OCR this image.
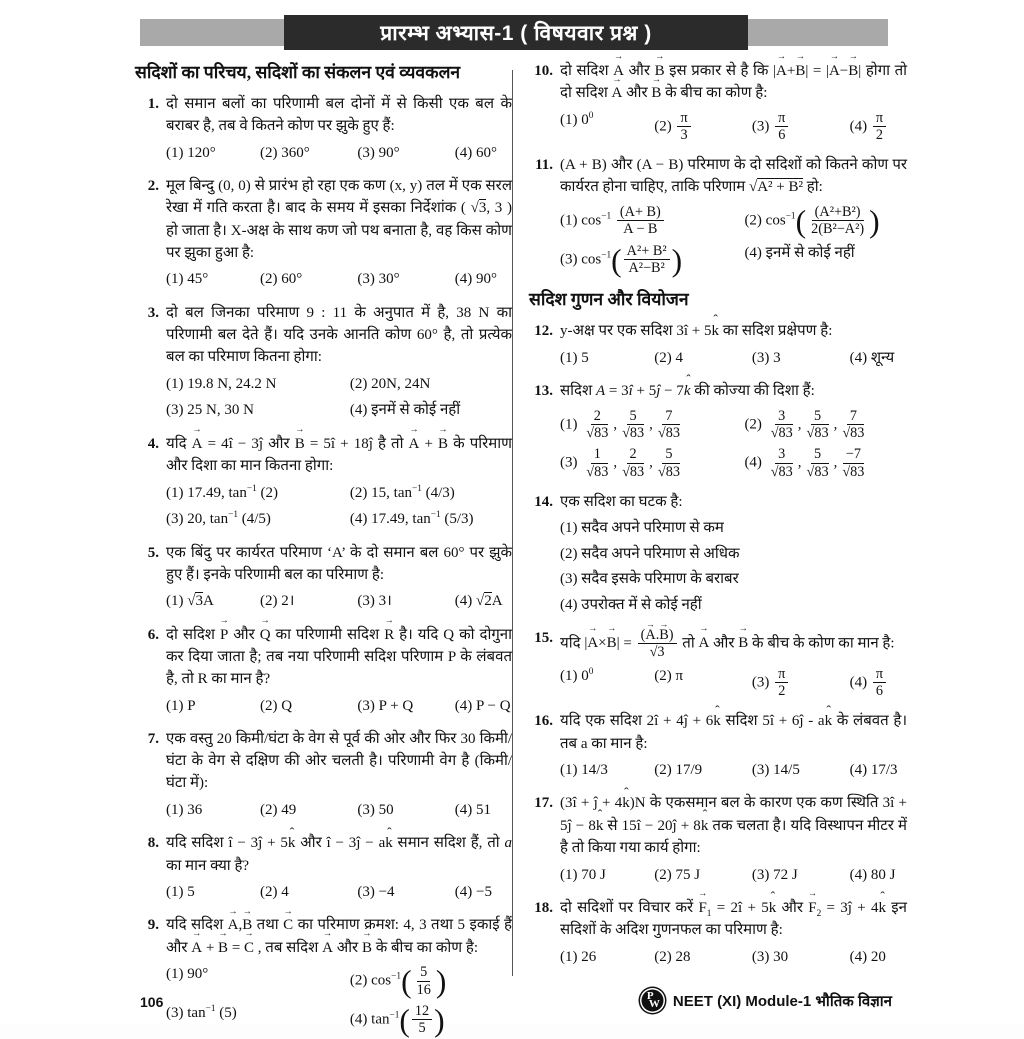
प्रारम्भ अभ्यास-1 ( विषयवार प्रश्न )
सदिशों का परिचय, सदिशों का संकलन एवं व्यवकलन
1. दो समान बलों का परिणामी बल दोनों में से किसी एक बल के बराबर है, तब वे कितने कोण पर झुके हुए हैं:
(1) 120°	(2) 360°	(3) 90°	(4) 60°
2. मूल बिन्दु (0, 0) से प्रारंभ हो रहा एक कण (x, y) तल में एक सरल रेखा में गति करता है। बाद के समय में इसका निर्देशांक ( √3, 3 ) हो जाता है। X-अक्ष के साथ कण जो पथ बनाता है, वह किस कोण पर झुका हुआ है:
(1) 45°	(2) 60°	(3) 30°	(4) 90°
3. दो बल जिनका परिमाण 9 : 11 के अनुपात में है, 38 N का परिणामी बल देते हैं। यदि उनके आनति कोण 60° है, तो प्रत्येक बल का परिमाण कितना होगा:
(1) 19.8 N, 24.2 N	(2) 20N, 24N
(3) 25 N, 30 N	(4) इनमें से कोई नहीं
4. यदि → A = 4î − 3ĵ और → B = 5î + 18ĵ है तो → A + → B के परिमाण और दिशा का मान कितना होगा:
(1) 17.49, $\tan^{-1} (2)$	(2) 15, $\tan^{-1} (4/3)$
(3) 20, $\tan^{-1} (4/5)$	(4) 17.49, $\tan^{-1} (5/3)$
5. एक बिंदु पर कार्यरत परिमाण ‘A’ के दो समान बल 60° पर झुके हुए हैं। इनके परिणामी बल का परिमाण है:
(1) √3A	(2) 2।	(3) 3।	(4) √2A
6. दो सदिश → P और → Q का परिणामी सदिश → R है। यदि Q को दोगुना कर दिया जाता है; तब नया परिणामी सदिश परिणाम P के लंबवत है, तो R का मान है?
(1) P	(2) Q	(3) P + Q	(4) P − Q
7. एक वस्तु 20 किमी/घंटा के वेग से पूर्व की ओर और फिर 30 किमी/घंटा के वेग से दक्षिण की ओर चलती है। परिणामी वेग है (किमी/घंटा में):
(1) 36	(2) 49	(3) 50	(4) 51
8. यदि सदिश î − 3ĵ + 5ˆ k और î − 3ĵ − aˆ k समान सदिश हैं, तो a का मान क्या है?
(1) 5	(2) 4	(3) −4	(4) −5
9. यदि सदिश → A,→ B तथा → C का परिमाण क्रमश: 4, 3 तथा 5 इकाई हैं और → A + → B = → C , तब सदिश → A और → B के बीच का कोण है:
(1) 90°	(2) $\cos^{-1}( \frac{5}{16}$ )
(3) $\tan^{-1} (5)$	(4) $\tan^{-1}( \frac{12}{5}$ )
10. दो सदिश → A और → B इस प्रकार से है कि |→ A+→ B| = |→ A−→ B| होगा तो दो सदिश → A और → B के बीच का कोण है:
(1) $0^0$
$(2) \frac{\pi}{3}$	$(3) \frac{\pi}{6}$	$(4) \frac{\pi}{2}$
11. (A + B) और (A − B) परिमाण के दो सदिशों को कितने कोण पर कार्यरत होना चाहिए, ताकि परिणाम √A² + B² हो:
(1) $\cos^{-1} \frac{(A+ B)}{A - B}$	(2) $\cos^{-1}( \frac{\text{(A²+B²)}}{\text{2(B²−A²)}}$ )
(3) $\cos^{-1}( \frac{\text{A²+ B²}}{\text{A²−B²}}$ )	(4) इनमें से कोई नहीं
सदिश गुणन और वियोजन
12. y-अक्ष पर एक सदिश 3î + 5ˆ k का सदिश प्रक्षेपण है:
(1) 5	(2) 4	(3) 3	(4) शून्य
13. सदिश A = 3î + 5ĵ − 7ˆ k की कोज्या की दिशा हैं:
$(1) \frac{2}{√83}$ , $\frac{5}{√83}$ , $\frac{7}{√83}$	$(2) \frac{3}{√83}$ , $\frac{5}{√83}$ , $\frac{7}{√83}$
$(3) \frac{1}{√83}$ , $\frac{2}{√83}$ , $\frac{5}{√83}$	$(4) \frac{3}{√83}$ , $\frac{5}{√83}$ , $\frac{-7}{√83}$
14. एक सदिश का घटक है:
(1) सदैव अपने परिमाण से कम
(2) सदैव अपने परिमाण से अधिक
(3) सदैव इसके परिमाण के बराबर
(4) उपरोक्त में से कोई नहीं
15. यदि |→ $A\times\to B| = \frac{(\to A.\to B)}{√3}$ तो → A और → B के बीच के कोण का मान है:
(1) $0^0$	(2) π	$(3) \frac{\pi}{2}$	$(4) \frac{\pi}{6}$
16. यदि एक सदिश 2î + 4ĵ + 6ˆ k सदिश 5î + 6ĵ - aˆ k के लंबवत है। तब a का मान है:
(1) 14/3	(2) 17/9	(3) 14/5	(4) 17/3
17. (3î + ĵ + 4ˆ k)N के एकसमान बल के कारण एक कण स्थिति 3î + 5ĵ − 8ˆ k से 15î − 20ĵ + 8ˆ k तक चलता है। यदि विस्थापन मीटर में है तो किया गया कार्य होगा:
(1) 70 J	(2) 75 J	(3) 72 J	(4) 80 J
18. दो सदिशों पर विचार करें → $F_1$ = 2î + 5ˆ k और → $F_2$ = 3ĵ + 4ˆ k इन सदिशों के अदिश गुणनफल का परिमाण है:
(1) 26	(2) 28	(3) 30	(4) 20
106	P
W NEET (XI) Module-1 भौतिक विज्ञान
